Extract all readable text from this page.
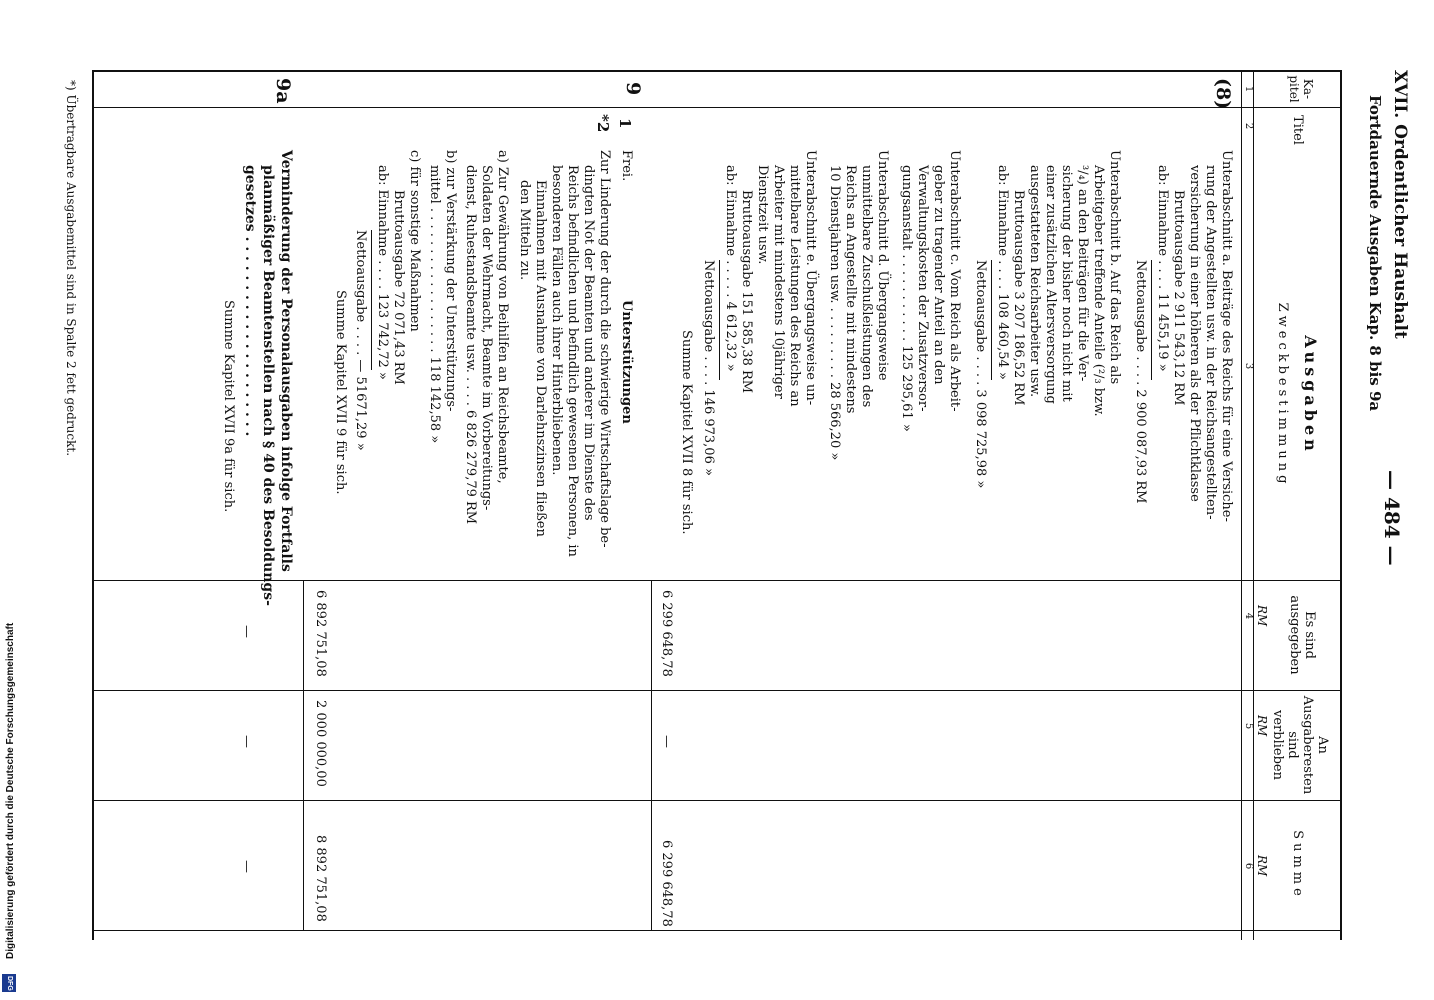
Digitalisierung gefördert durch die Deutsche Forschungsgemeinschaft
DFG
XVII. Ordentlicher Haushalt
Fortdauernde Ausgaben Kap. 8 bis 9a
— 484 —
Ka- pitel
Titel
Ausgaben
Zweckbestimmung
Es sind ausgegeben
An Ausgaberesten sind verblieben
Summe
RM
RM
RM
1
2
3
4
5
6
(8)
Unterabschnitt a. Beiträge des Reichs für eine Versiche-
rung der Angestellten usw. in der Reichsangestellten-
versicherung in einer höheren als der Pflichtklasse
Bruttoausgabe 2 911 543,12 RM
ab: Einnahme . . . . 11 455,19 »
Nettoausgabe . . . . 2 900 087,93 RM
Unterabschnitt b. Auf das Reich als
Arbeitgeber treffende Anteile (²/₃ bzw.
³/₄) an den Beiträgen für die Ver-
sicherung der bisher noch nicht mit
einer zusätzlichen Altersversorgung
ausgestatteten Reichsarbeiter usw.
Bruttoausgabe 3 207 186,52 RM
ab: Einnahme . . . . 108 460,54 »
Nettoausgabe . . . . 3 098 725,98 »
Unterabschnitt c. Vom Reich als Arbeit-
geber zu tragender Anteil an den
Verwaltungskosten der Zusatzversor-
gungsanstalt . . . . . . . . . . . 125 295,61 »
Unterabschnitt d. Übergangsweise
unmittelbare Zuschußleistungen des
Reichs an Angestellte mit mindestens
10 Dienstjahren usw. . . . . . . . . . 28 566,20 »
Unterabschnitt e. Übergangsweise un-
mittelbare Leistungen des Reichs an
Arbeiter mit mindestens 10jähriger
Dienstzeit usw.
Bruttoausgabe 151 585,38 RM
ab: Einnahme . . . . . 4 612,32 »
Nettoausgabe . . . . 146 973,06 »
Summe Kapitel XVII 8 für sich.
6 299 648,78
—
6 299 648,78
9
1
Frei.
*2
Unterstützungen
Zur Linderung der durch die schwierige Wirtschaftslage be-
dingten Not der Beamten und anderer im Dienste des
Reichs befindlichen und befindlich gewesenen Personen, in
besonderen Fällen auch ihrer Hinterbliebenen.
Einnahmen mit Ausnahme von Darlehnszinsen fließen
den Mitteln zu.
a) Zur Gewährung von Beihilfen an Reichsbeamte,
Soldaten der Wehrmacht, Beamte im Vorbereitungs-
dienst, Ruhestandsbeamte usw. . . . . 6 826 279,79 RM
b) zur Verstärkung der Unterstützungs-
mittel . . . . . . . . . . . . . . . . . . 118 142,58 »
c) für sonstige Maßnahmen
Bruttoausgabe 72 071,43 RM
ab: Einnahme . . . . 123 742,72 »
Nettoausgabe . . . . — 51671,29 »
Summe Kapitel XVII 9 für sich.
6 892 751,08
2 000 000,00
8 892 751,08
9a
Verminderung der Personalausgaben infolge Fortfalls
planmäßiger Beamtenstellen nach § 40 des Besoldungs-
gesetzes . . . . . . . . . . . . . . . . . . . . .
Summe Kapitel XVII 9a für sich.
—
—
—
*) Übertragbare Ausgabemittel sind in Spalte 2 fett gedruckt.
